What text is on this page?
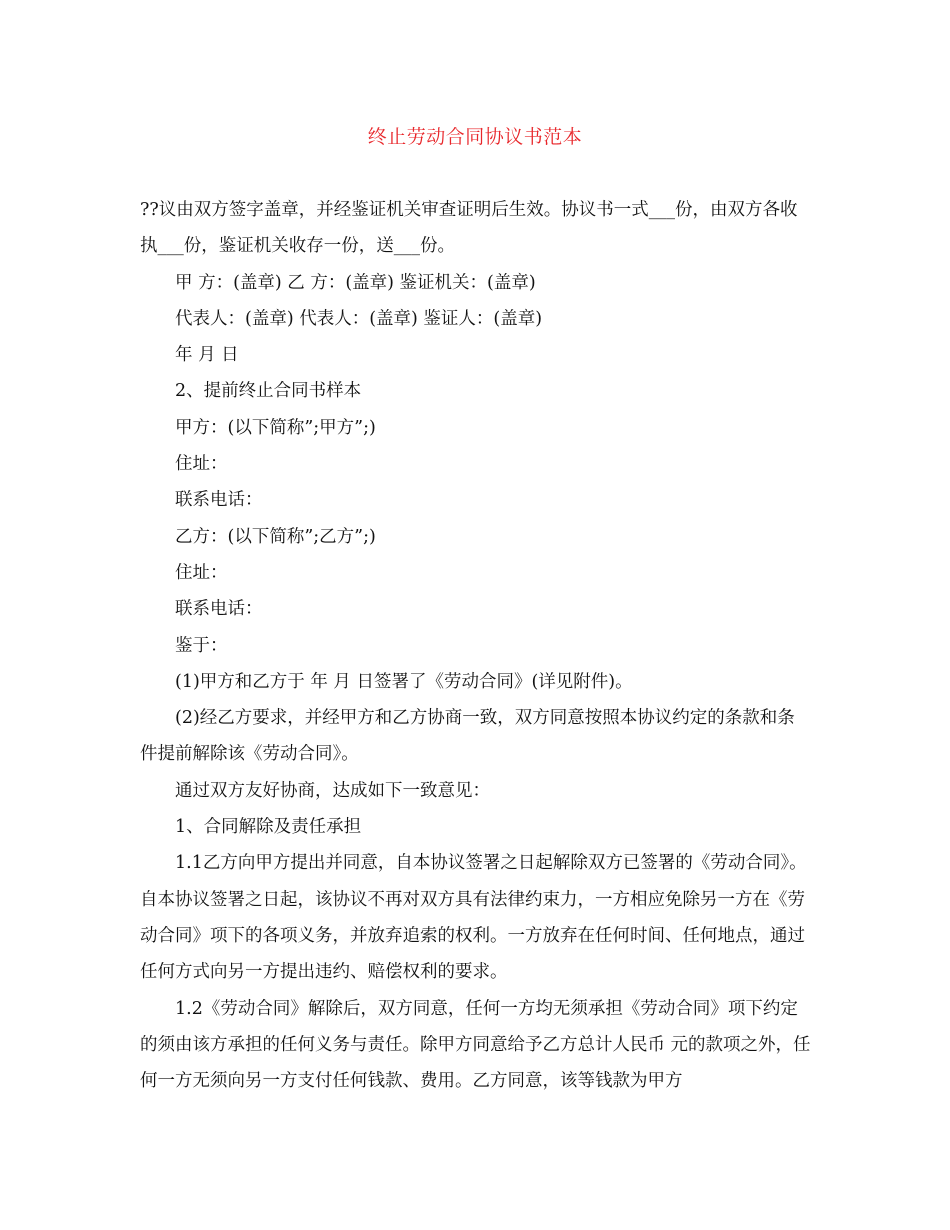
终止劳动合同协议书范本

??议由双方签字盖章，并经鉴证机关审查证明后生效。协议书一式___份，由双方各收执___份，鉴证机关收存一份，送___份。

甲 方：(盖章) 乙 方：(盖章) 鉴证机关：(盖章)

代表人：(盖章) 代表人：(盖章) 鉴证人：(盖章)

年 月 日

2、提前终止合同书样本

甲方：(以下简称”;甲方”;)

住址：

联系电话：

乙方：(以下简称”;乙方”;)

住址：

联系电话：

鉴于：

(1)甲方和乙方于 年 月 日签署了《劳动合同》(详见附件)。

(2)经乙方要求，并经甲方和乙方协商一致，双方同意按照本协议约定的条款和条件提前解除该《劳动合同》。

通过双方友好协商，达成如下一致意见：

1、合同解除及责任承担

1.1乙方向甲方提出并同意，自本协议签署之日起解除双方已签署的《劳动合同》。自本协议签署之日起，该协议不再对双方具有法律约束力，一方相应免除另一方在《劳动合同》项下的各项义务，并放弃追索的权利。一方放弃在任何时间、任何地点，通过任何方式向另一方提出违约、赔偿权利的要求。

1.2《劳动合同》解除后，双方同意，任何一方均无须承担《劳动合同》项下约定的须由该方承担的任何义务与责任。除甲方同意给予乙方总计人民币 元的款项之外，任何一方无须向另一方支付任何钱款、费用。乙方同意，该等钱款为甲方
